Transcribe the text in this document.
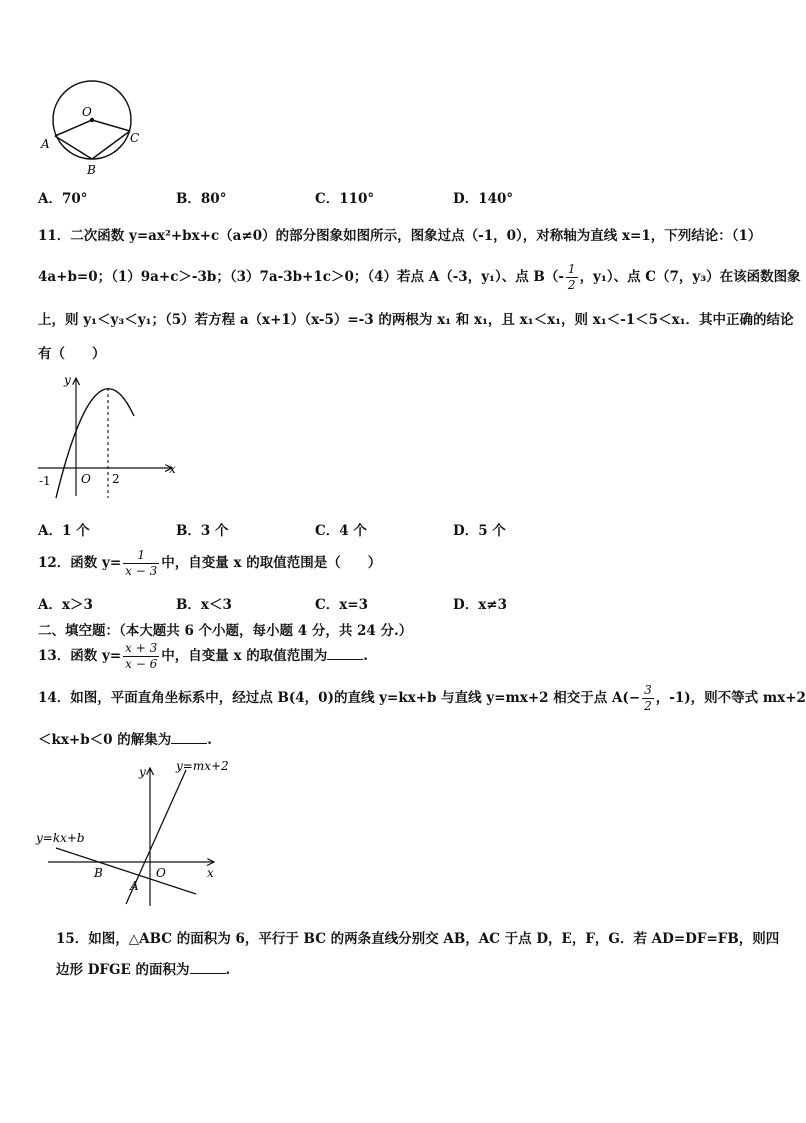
O
A
B
C
A．70°	B．80°	C．110°	D．140°
11．二次函数 y=ax²+bx+c（a≠0）的部分图象如图所示，图象过点（-1，0），对称轴为直线 x=1，下列结论：（1）
4a+b=0；（1）9a+c＞-3b；（3）7a-3b+1c＞0；（4）若点 A（-3，y₁）、点 $B(- \frac{1}{2}$ ，y₁）、点 C（7，y₃）在该函数图象
上，则 y₁＜y₃＜y₁；（5）若方程 a（x+1）（x-5）=-3 的两根为 x₁ 和 x₁，且 x₁＜x₁，则 x₁＜-1＜5＜x₁．其中正确的结论
有（　　）
y
x
O
-1	2
A．1 个	B．3 个	C．4 个	D．5 个
12．函数 $y= \frac{1}{x - 3}$ 中，自变量 x 的取值范围是（　　）
A．x＞3	B．x＜3	C．x=3	D．x≠3
二、填空题：（本大题共 6 个小题，每小题 4 分，共 24 分.）
13．函数 $y= \frac{x + 3}{x - 6}$ 中，自变量 x 的取值范围为	.
14．如图，平面直角坐标系中，经过点 B(4，0)的直线 y=kx+b 与直线 y=mx+2 相交于点 $A(- \frac{3}{2}$ ，-1)，则不等式 mx+2
＜kx+b＜0 的解集为	.
y
x
O
A
B
y=mx+2
y=kx+b
15．如图，△ABC 的面积为 6，平行于 BC 的两条直线分别交 AB，AC 于点 D，E，F，G．若 AD=DF=FB，则四
边形 DFGE 的面积为	.
